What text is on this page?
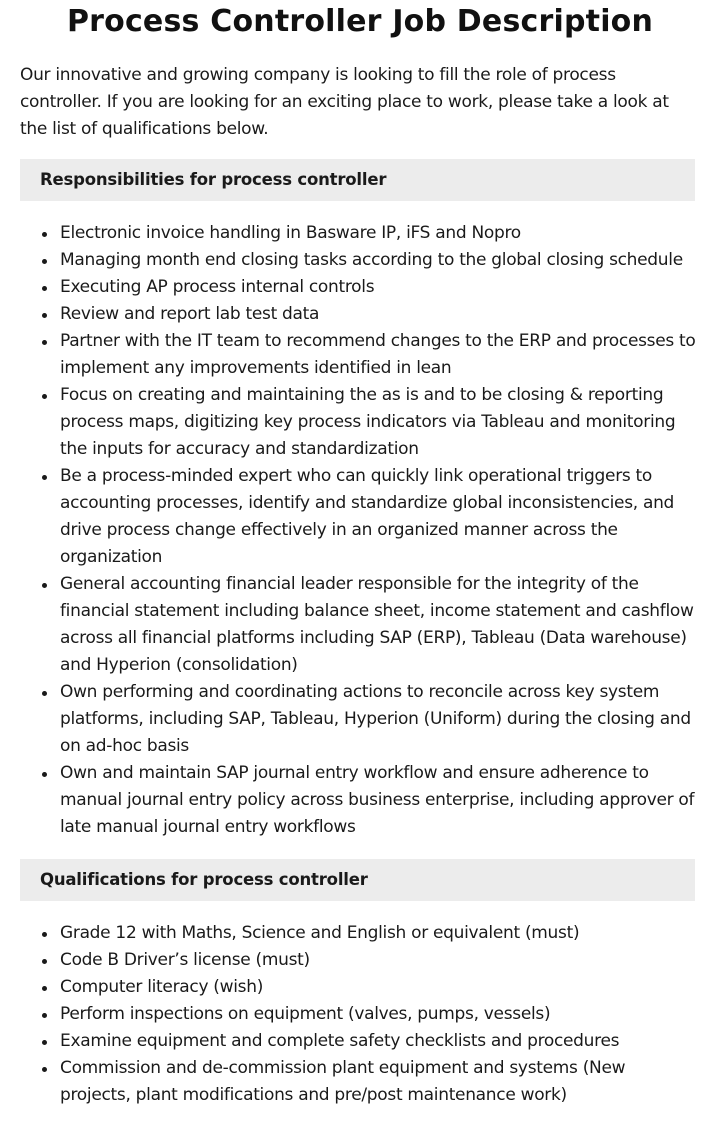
Process Controller Job Description

Our innovative and growing company is looking to fill the role of process controller. If you are looking for an exciting place to work, please take a look at the list of qualifications below.

Responsibilities for process controller
Electronic invoice handling in Basware IP, iFS and Nopro
Managing month end closing tasks according to the global closing schedule
Executing AP process internal controls
Review and report lab test data
Partner with the IT team to recommend changes to the ERP and processes to implement any improvements identified in lean
Focus on creating and maintaining the as is and to be closing & reporting process maps, digitizing key process indicators via Tableau and monitoring the inputs for accuracy and standardization
Be a process-minded expert who can quickly link operational triggers to accounting processes, identify and standardize global inconsistencies, and drive process change effectively in an organized manner across the organization
General accounting financial leader responsible for the integrity of the financial statement including balance sheet, income statement and cashflow across all financial platforms including SAP (ERP), Tableau (Data warehouse) and Hyperion (consolidation)
Own performing and coordinating actions to reconcile across key system platforms, including SAP, Tableau, Hyperion (Uniform) during the closing and on ad-hoc basis
Own and maintain SAP journal entry workflow and ensure adherence to manual journal entry policy across business enterprise, including approver of late manual journal entry workflows
Qualifications for process controller
Grade 12 with Maths, Science and English or equivalent (must)
Code B Driver’s license (must)
Computer literacy (wish)
Perform inspections on equipment (valves, pumps, vessels)
Examine equipment and complete safety checklists and procedures
Commission and de-commission plant equipment and systems (New projects, plant modifications and pre/post maintenance work)
